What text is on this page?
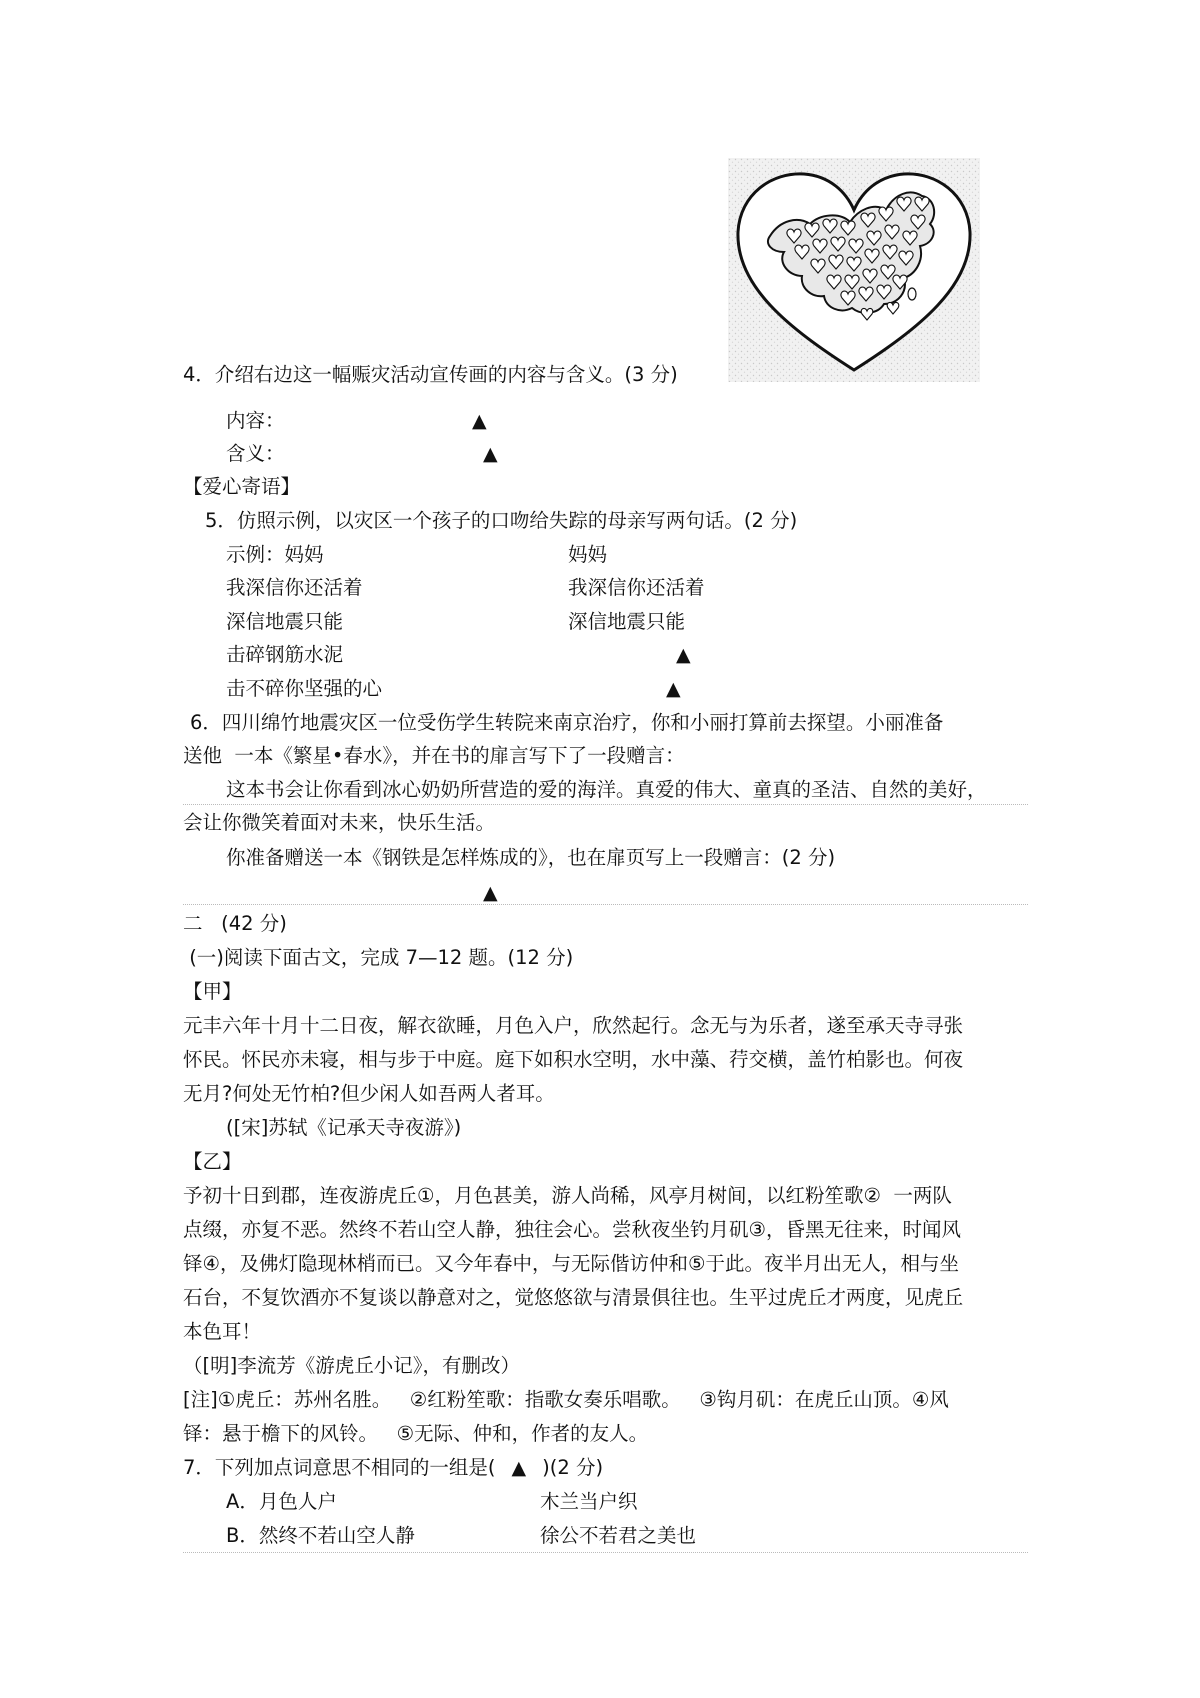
4．介绍右边这一幅赈灾活动宣传画的内容与含义。(3 分)
内容：	▲
含义：	▲
【爱心寄语】
5．仿照示例，以灾区一个孩子的口吻给失踪的母亲写两句话。(2 分)
示例：妈妈	妈妈
我深信你还活着	我深信你还活着
深信地震只能	深信地震只能
击碎钢筋水泥	▲
击不碎你坚强的心	▲
6．四川绵竹地震灾区一位受伤学生转院来南京治疗，你和小丽打算前去探望。小丽准备
送他  一本《繁星•春水》，并在书的扉言写下了一段赠言：
这本书会让你看到冰心奶奶所营造的爱的海洋。真爱的伟大、童真的圣洁、自然的美好，
会让你微笑着面对未来，快乐生活。
你准备赠送一本《钢铁是怎样炼成的》，也在扉页写上一段赠言：(2 分)
▲
二   (42 分)
(一)阅读下面古文，完成 7—12 题。(12 分)
【甲】
元丰六年十月十二日夜，解衣欲睡，月色入户，欣然起行。念无与为乐者，遂至承天寺寻张
怀民。怀民亦未寝，相与步于中庭。庭下如积水空明，水中藻、荇交横，盖竹柏影也。何夜
无月?何处无竹柏?但少闲人如吾两人者耳。
([宋]苏轼《记承天寺夜游》)
【乙】
予初十日到郡，连夜游虎丘①，月色甚美，游人尚稀，风亭月树间，以红粉笙歌②  一两队
点缀，亦复不恶。然终不若山空人静，独往会心。尝秋夜坐钓月矶③，昏黑无往来，时闻风
铎④，及佛灯隐现林梢而已。又今年春中，与无际偕访仲和⑤于此。夜半月出无人，相与坐
石台，不复饮酒亦不复谈以静意对之，觉悠悠欲与清景俱往也。生平过虎丘才两度，见虎丘
本色耳！
（[明]李流芳《游虎丘小记》，有删改）
[注]①虎丘：苏州名胜。   ②红粉笙歌：指歌女奏乐唱歌。   ③钩月矶：在虎丘山顶。④风
铎：悬于檐下的风铃。   ⑤无际、仲和，作者的友人。
7．下列加点词意思不相同的一组是( ▲ )(2 分)
A．月色人户	木兰当户织
B．然终不若山空人静	徐公不若君之美也
